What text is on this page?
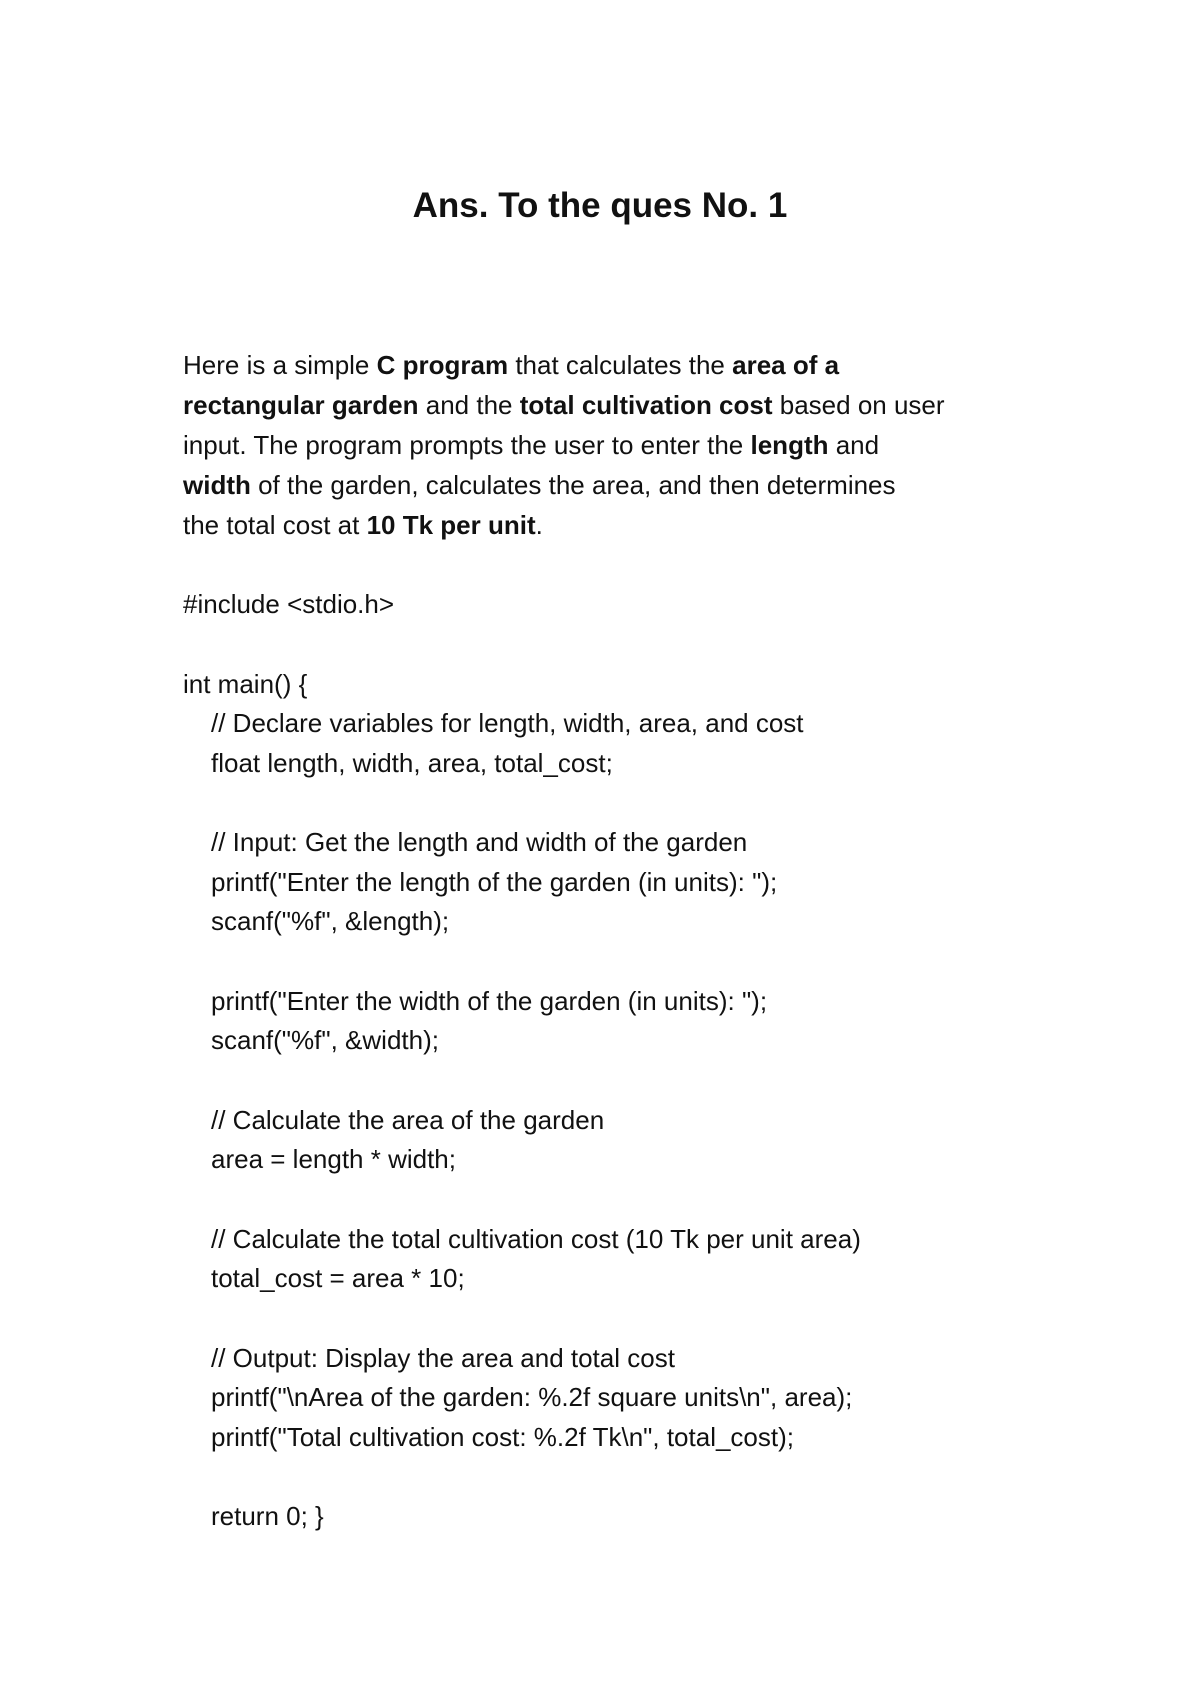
Ans. To the ques No. 1
Here is a simple C program that calculates the area of a
rectangular garden and the total cultivation cost based on user
input. The program prompts the user to enter the length and
width of the garden, calculates the area, and then determines
the total cost at 10 Tk per unit.

#include <stdio.h>

int main() {

// Declare variables for length, width, area, and cost

float length, width, area, total_cost;

// Input: Get the length and width of the garden

printf("Enter the length of the garden (in units): ");

scanf("%f", &length);

printf("Enter the width of the garden (in units): ");

scanf("%f", &width);

// Calculate the area of the garden

area = length * width;

// Calculate the total cultivation cost (10 Tk per unit area)

total_cost = area * 10;

// Output: Display the area and total cost

printf("\nArea of the garden: %.2f square units\n", area);

printf("Total cultivation cost: %.2f Tk\n", total_cost);

return 0; }
